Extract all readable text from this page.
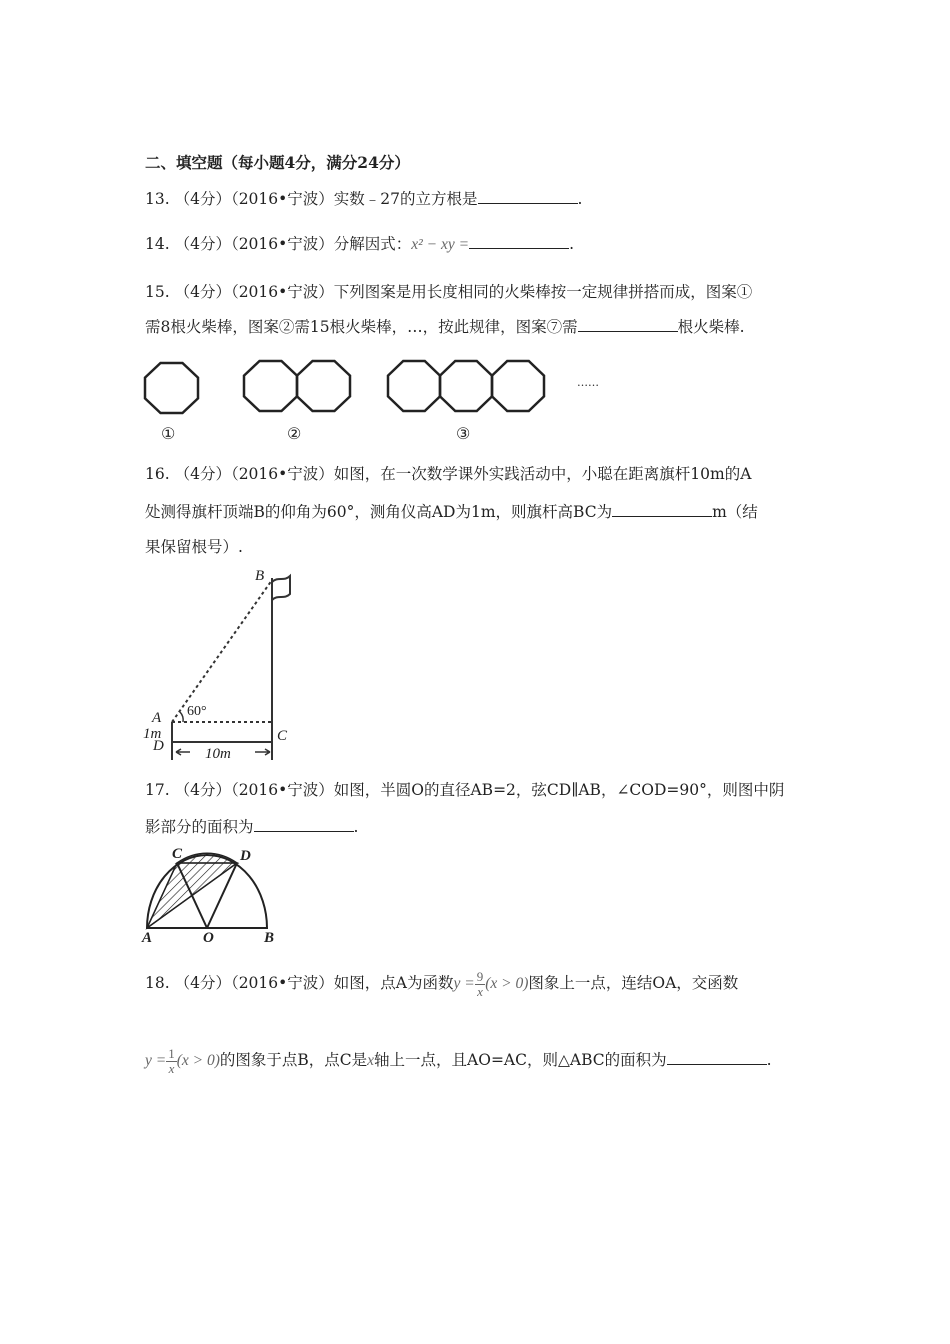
二、填空题（每小题4分，满分24分）
13. （4分）（2016•宁波）实数﹣27的立方根是	.
14. （4分）（2016•宁波）分解因式：x² − xy =	.
15. （4分）（2016•宁波）下列图案是用长度相同的火柴棒按一定规律拼搭而成，图案①
需8根火柴棒，图案②需15根火柴棒，…，按此规律，图案⑦需	根火柴棒.
①	②	③
……
16. （4分）（2016•宁波）如图，在一次数学课外实践活动中，小聪在距离旗杆10m的A
处测得旗杆顶端B的仰角为60°，测角仪高AD为1m，则旗杆高BC为	m（结
果保留根号）.
B
A
C
D
60°
1m
10m
17. （4分）（2016•宁波）如图，半圆O的直径AB=2，弦CD∥AB，∠COD=90°，则图中阴
影部分的面积为	.
A	O	B
C	D
18. （4分）（2016•宁波）如图，点A为函数$y = \frac{9}{x} (x > 0)$图象上一点，连结OA，交函数
$y = \frac{1}{x} (x > 0)$的图象于点B，点C是x轴上一点，且AO=AC，则△ABC的面积为	.
